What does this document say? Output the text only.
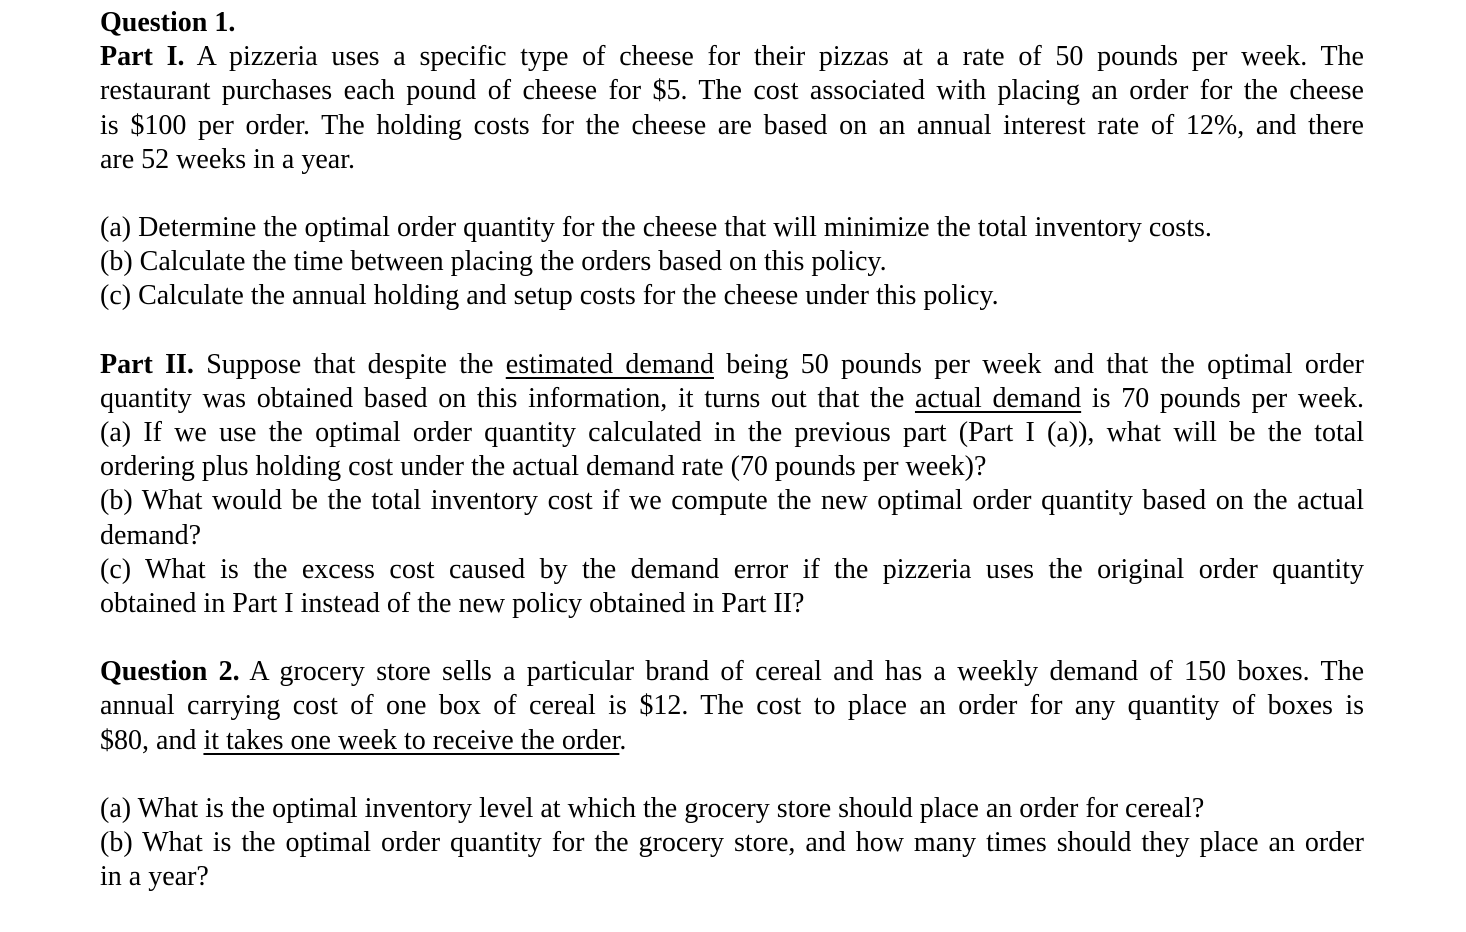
Question 1.
Part I. A pizzeria uses a specific type of cheese for their pizzas at a rate of 50 pounds per week. The
restaurant purchases each pound of cheese for $5. The cost associated with placing an order for the cheese
is $100 per order. The holding costs for the cheese are based on an annual interest rate of 12%, and there
are 52 weeks in a year.
(a) Determine the optimal order quantity for the cheese that will minimize the total inventory costs.
(b) Calculate the time between placing the orders based on this policy.
(c) Calculate the annual holding and setup costs for the cheese under this policy.
Part II. Suppose that despite the estimated demand being 50 pounds per week and that the optimal order
quantity was obtained based on this information, it turns out that the actual demand is 70 pounds per week.
(a) If we use the optimal order quantity calculated in the previous part (Part I (a)), what will be the total
ordering plus holding cost under the actual demand rate (70 pounds per week)?
(b) What would be the total inventory cost if we compute the new optimal order quantity based on the actual
demand?
(c) What is the excess cost caused by the demand error if the pizzeria uses the original order quantity
obtained in Part I instead of the new policy obtained in Part II?
Question 2. A grocery store sells a particular brand of cereal and has a weekly demand of 150 boxes. The
annual carrying cost of one box of cereal is $12. The cost to place an order for any quantity of boxes is
$80, and it takes one week to receive the order.
(a) What is the optimal inventory level at which the grocery store should place an order for cereal?
(b) What is the optimal order quantity for the grocery store, and how many times should they place an order
in a year?
